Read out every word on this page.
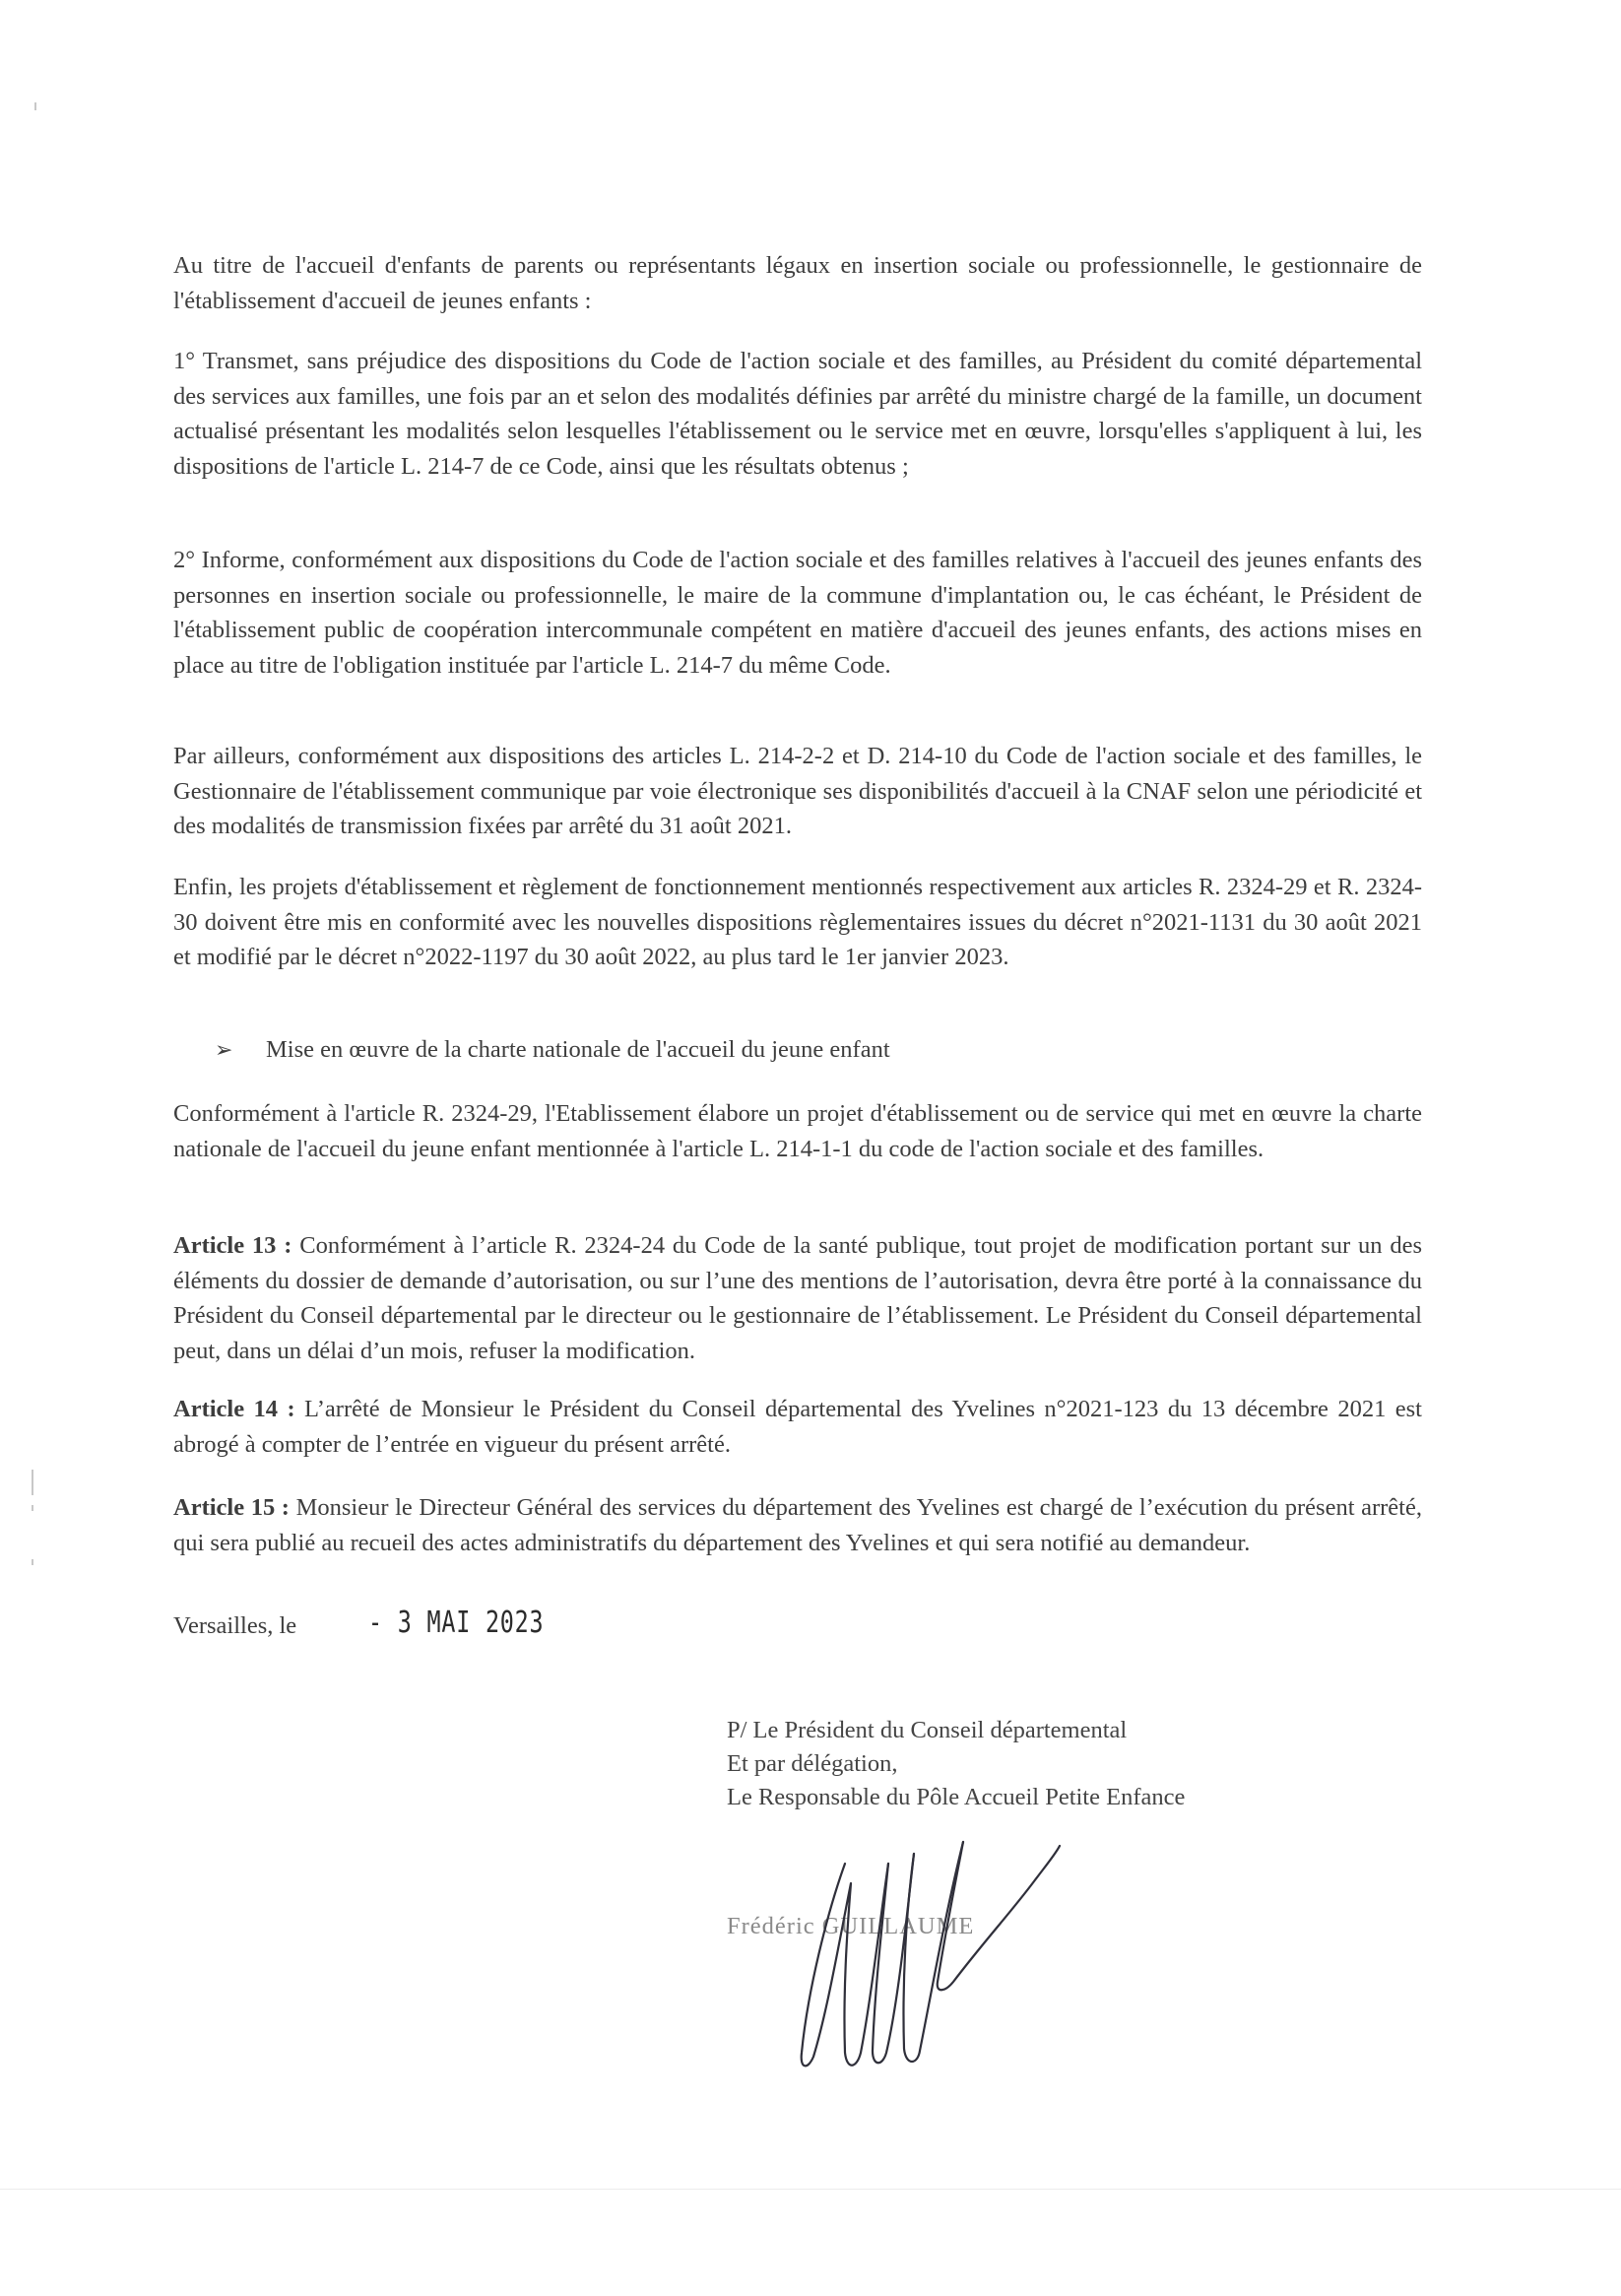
Au titre de l'accueil d'enfants de parents ou représentants légaux en insertion sociale ou professionnelle, le gestionnaire de l'établissement d'accueil de jeunes enfants :

1° Transmet, sans préjudice des dispositions du Code de l'action sociale et des familles, au Président du comité départemental des services aux familles, une fois par an et selon des modalités définies par arrêté du ministre chargé de la famille, un document actualisé présentant les modalités selon lesquelles l'établissement ou le service met en œuvre, lorsqu'elles s'appliquent à lui, les dispositions de l'article L. 214-7 de ce Code, ainsi que les résultats obtenus ;

2° Informe, conformément aux dispositions du Code de l'action sociale et des familles relatives à l'accueil des jeunes enfants des personnes en insertion sociale ou professionnelle, le maire de la commune d'implantation ou, le cas échéant, le Président de l'établissement public de coopération intercommunale compétent en matière d'accueil des jeunes enfants, des actions mises en place au titre de l'obligation instituée par l'article L. 214-7 du même Code.

Par ailleurs, conformément aux dispositions des articles L. 214-2-2 et D. 214-10 du Code de l'action sociale et des familles, le Gestionnaire de l'établissement communique par voie électronique ses disponibilités d'accueil à la CNAF selon une périodicité et des modalités de transmission fixées par arrêté du 31 août 2021.

Enfin, les projets d'établissement et règlement de fonctionnement mentionnés respectivement aux articles R. 2324-29 et R. 2324-30 doivent être mis en conformité avec les nouvelles dispositions règlementaires issues du décret n°2021-1131 du 30 août 2021 et modifié par le décret n°2022-1197 du 30 août 2022, au plus tard le 1er janvier 2023.

➢ Mise en œuvre de la charte nationale de l'accueil du jeune enfant

Conformément à l'article R. 2324-29, l'Etablissement élabore un projet d'établissement ou de service qui met en œuvre la charte nationale de l'accueil du jeune enfant mentionnée à l'article L. 214-1-1 du code de l'action sociale et des familles.

Article 13 : Conformément à l’article R. 2324-24 du Code de la santé publique, tout projet de modification portant sur un des éléments du dossier de demande d’autorisation, ou sur l’une des mentions de l’autorisation, devra être porté à la connaissance du Président du Conseil départemental par le directeur ou le gestionnaire de l’établissement. Le Président du Conseil départemental peut, dans un délai d’un mois, refuser la modification.

Article 14 : L’arrêté de Monsieur le Président du Conseil départemental des Yvelines n°2021-123 du 13 décembre 2021 est abrogé à compter de l’entrée en vigueur du présent arrêté.

Article 15 : Monsieur le Directeur Général des services du département des Yvelines est chargé de l’exécution du présent arrêté, qui sera publié au recueil des actes administratifs du département des Yvelines et qui sera notifié au demandeur.

Versailles, le - 3 MAI 2023
P/ Le Président du Conseil départemental
Et par délégation,
Le Responsable du Pôle Accueil Petite Enfance
Frédéric GUILLAUME
